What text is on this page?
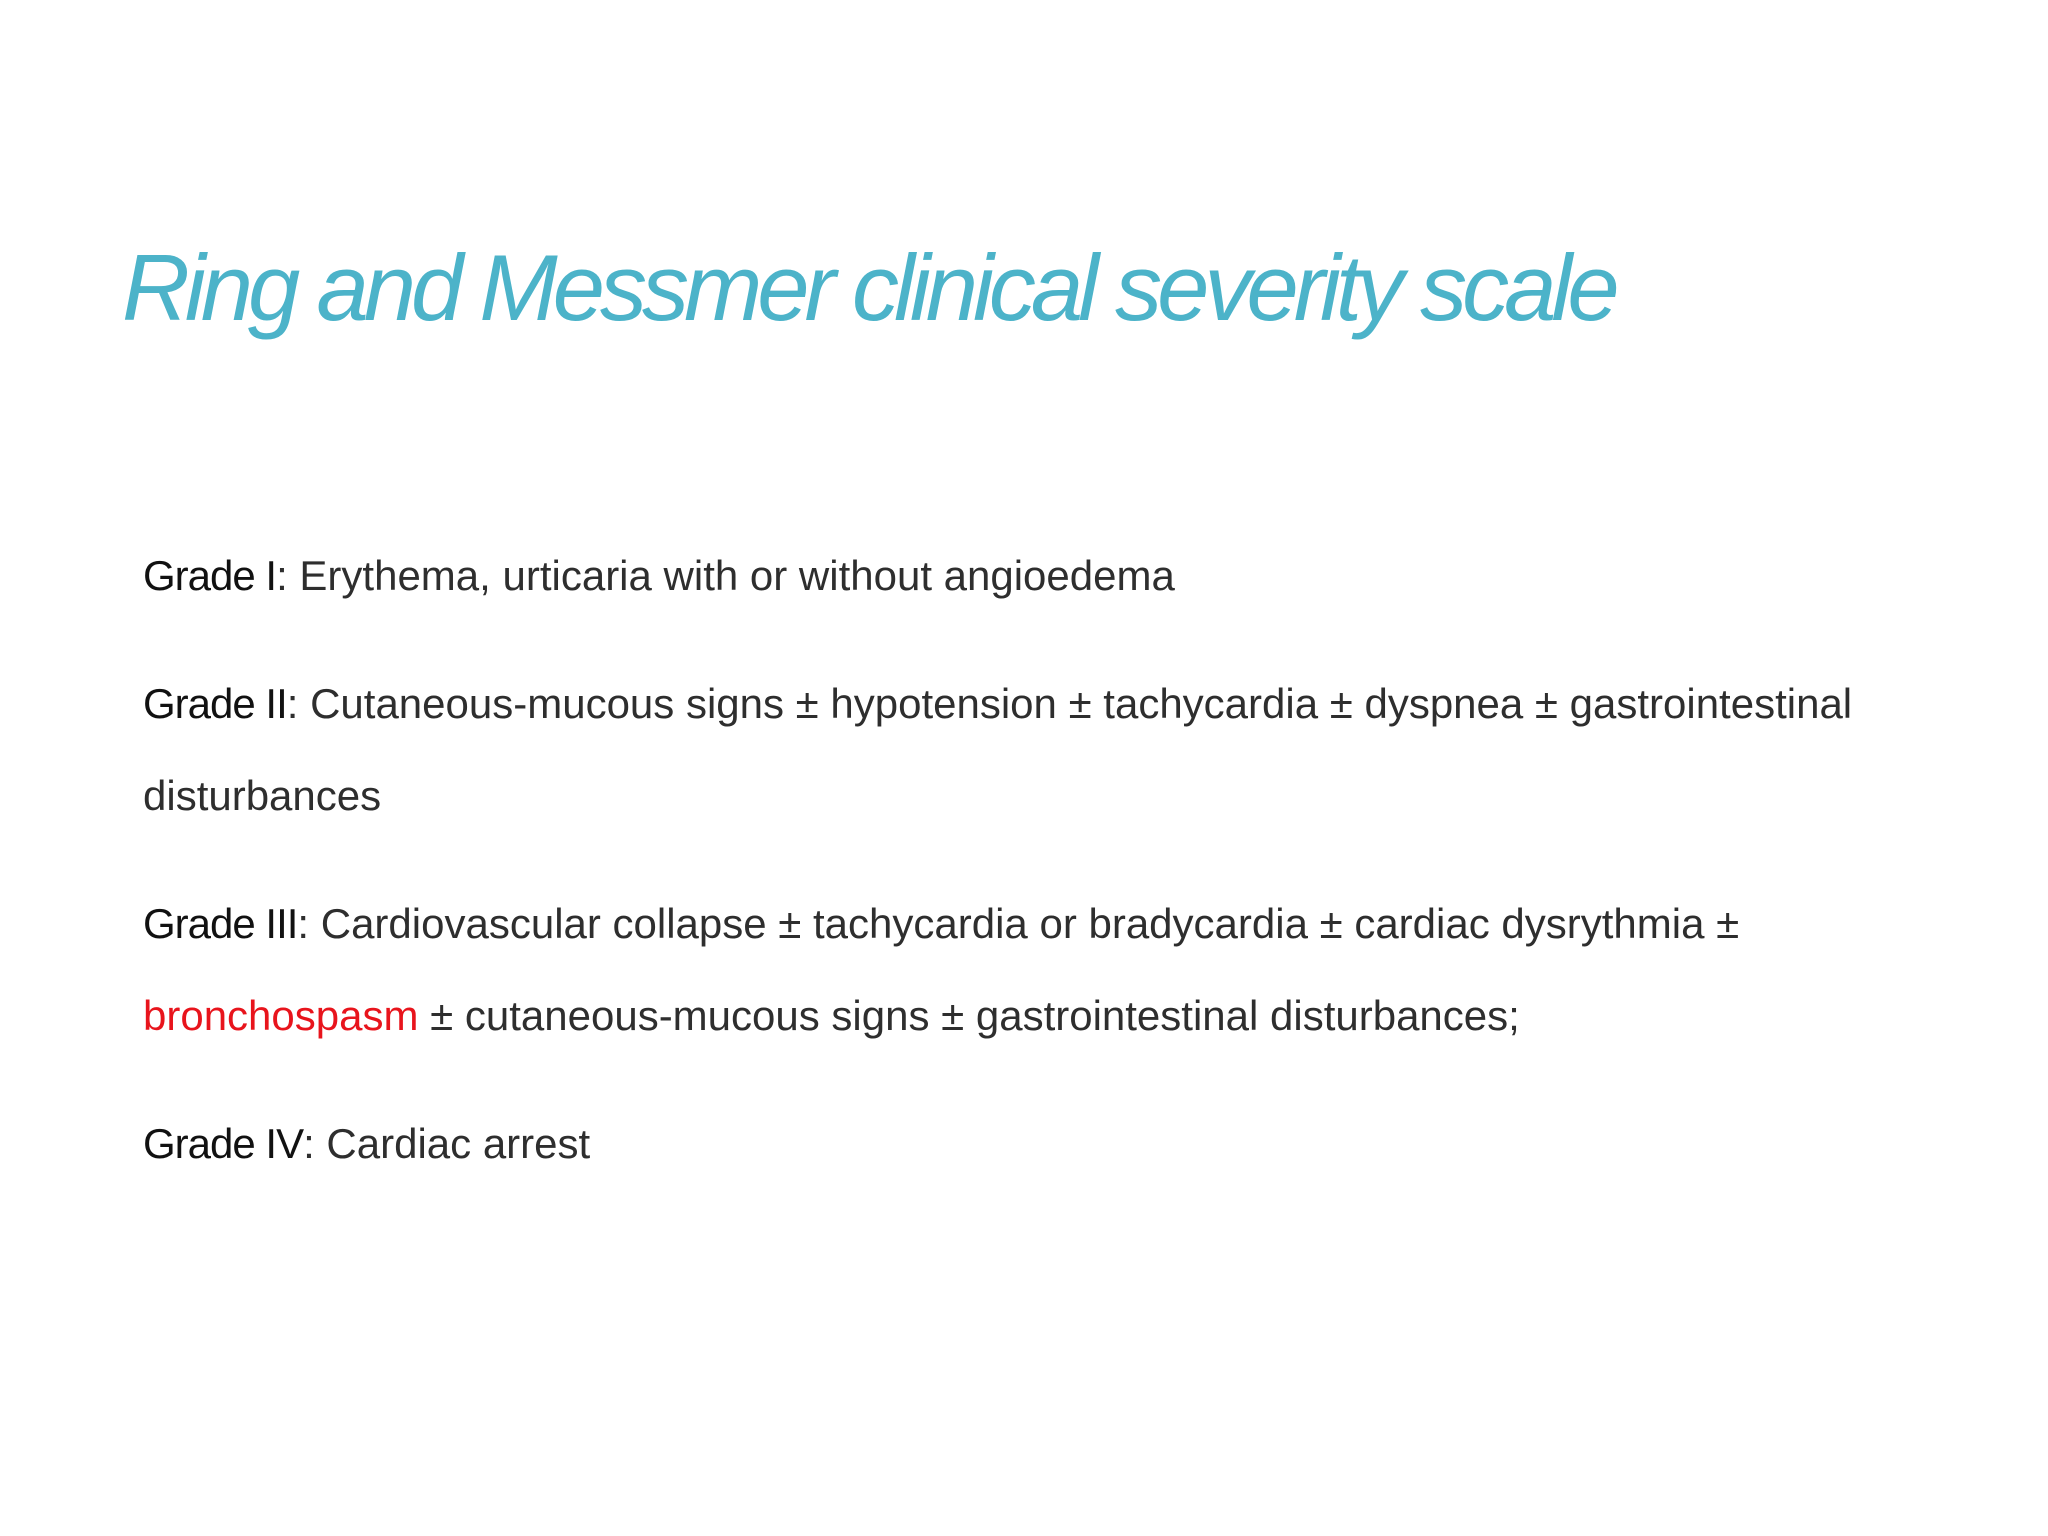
Ring and Messmer clinical severity scale

Grade I: Erythema, urticaria with or without angioedema

Grade II: Cutaneous-mucous signs ± hypotension ± tachycardia ± dyspnea ± gastrointestinal disturbances

Grade III: Cardiovascular collapse ± tachycardia or bradycardia ± cardiac dysrythmia ± bronchospasm ± cutaneous-mucous signs ± gastrointestinal disturbances;

Grade IV: Cardiac arrest
